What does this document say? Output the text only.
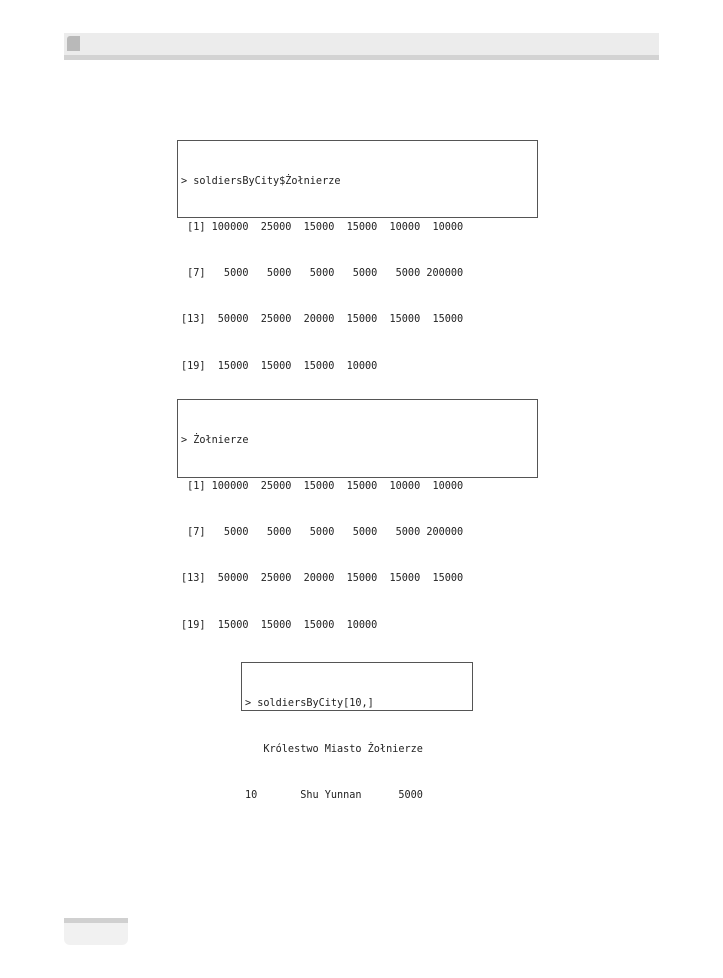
> soldiersByCity$Żołnierze

[1] 100000  25000  15000  15000  10000  10000

[7]   5000   5000   5000   5000   5000 200000

[13]  50000  25000  20000  15000  15000  15000

[19]  15000  15000  15000  10000

> Żołnierze

[1] 100000  25000  15000  15000  10000  10000

[7]   5000   5000   5000   5000   5000 200000

[13]  50000  25000  20000  15000  15000  15000

[19]  15000  15000  15000  10000

> soldiersByCity[10,]

Królestwo Miasto Żołnierze

10       Shu Yunnan      5000
